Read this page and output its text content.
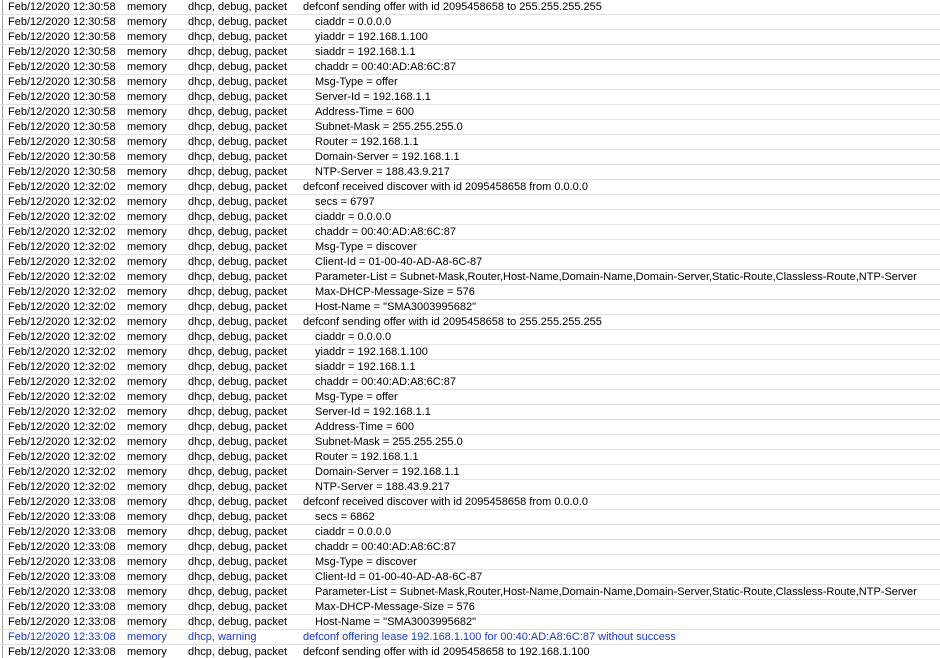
Feb/12/2020 12:30:58 memory dhcp, debug, packet defconf sending offer with id 2095458658 to 255.255.255.255
Feb/12/2020 12:30:58 memory dhcp, debug, packet	ciaddr = 0.0.0.0
Feb/12/2020 12:30:58 memory dhcp, debug, packet	yiaddr = 192.168.1.100
Feb/12/2020 12:30:58 memory dhcp, debug, packet	siaddr = 192.168.1.1
Feb/12/2020 12:30:58 memory dhcp, debug, packet	chaddr = 00:40:AD:A8:6C:87
Feb/12/2020 12:30:58 memory dhcp, debug, packet	Msg-Type = offer
Feb/12/2020 12:30:58 memory dhcp, debug, packet	Server-Id = 192.168.1.1
Feb/12/2020 12:30:58 memory dhcp, debug, packet	Address-Time = 600
Feb/12/2020 12:30:58 memory dhcp, debug, packet	Subnet-Mask = 255.255.255.0
Feb/12/2020 12:30:58 memory dhcp, debug, packet	Router = 192.168.1.1
Feb/12/2020 12:30:58 memory dhcp, debug, packet	Domain-Server = 192.168.1.1
Feb/12/2020 12:30:58 memory dhcp, debug, packet	NTP-Server = 188.43.9.217
Feb/12/2020 12:32:02 memory dhcp, debug, packet defconf received discover with id 2095458658 from 0.0.0.0
Feb/12/2020 12:32:02 memory dhcp, debug, packet	secs = 6797
Feb/12/2020 12:32:02 memory dhcp, debug, packet	ciaddr = 0.0.0.0
Feb/12/2020 12:32:02 memory dhcp, debug, packet	chaddr = 00:40:AD:A8:6C:87
Feb/12/2020 12:32:02 memory dhcp, debug, packet	Msg-Type = discover
Feb/12/2020 12:32:02 memory dhcp, debug, packet	Client-Id = 01-00-40-AD-A8-6C-87
Feb/12/2020 12:32:02 memory dhcp, debug, packet	Parameter-List = Subnet-Mask,Router,Host-Name,Domain-Name,Domain-Server,Static-Route,Classless-Route,NTP-Server
Feb/12/2020 12:32:02 memory dhcp, debug, packet	Max-DHCP-Message-Size = 576
Feb/12/2020 12:32:02 memory dhcp, debug, packet	Host-Name = "SMA3003995682"
Feb/12/2020 12:32:02 memory dhcp, debug, packet defconf sending offer with id 2095458658 to 255.255.255.255
Feb/12/2020 12:32:02 memory dhcp, debug, packet	ciaddr = 0.0.0.0
Feb/12/2020 12:32:02 memory dhcp, debug, packet	yiaddr = 192.168.1.100
Feb/12/2020 12:32:02 memory dhcp, debug, packet	siaddr = 192.168.1.1
Feb/12/2020 12:32:02 memory dhcp, debug, packet	chaddr = 00:40:AD:A8:6C:87
Feb/12/2020 12:32:02 memory dhcp, debug, packet	Msg-Type = offer
Feb/12/2020 12:32:02 memory dhcp, debug, packet	Server-Id = 192.168.1.1
Feb/12/2020 12:32:02 memory dhcp, debug, packet	Address-Time = 600
Feb/12/2020 12:32:02 memory dhcp, debug, packet	Subnet-Mask = 255.255.255.0
Feb/12/2020 12:32:02 memory dhcp, debug, packet	Router = 192.168.1.1
Feb/12/2020 12:32:02 memory dhcp, debug, packet	Domain-Server = 192.168.1.1
Feb/12/2020 12:32:02 memory dhcp, debug, packet	NTP-Server = 188.43.9.217
Feb/12/2020 12:33:08 memory dhcp, debug, packet defconf received discover with id 2095458658 from 0.0.0.0
Feb/12/2020 12:33:08 memory dhcp, debug, packet	secs = 6862
Feb/12/2020 12:33:08 memory dhcp, debug, packet	ciaddr = 0.0.0.0
Feb/12/2020 12:33:08 memory dhcp, debug, packet	chaddr = 00:40:AD:A8:6C:87
Feb/12/2020 12:33:08 memory dhcp, debug, packet	Msg-Type = discover
Feb/12/2020 12:33:08 memory dhcp, debug, packet	Client-Id = 01-00-40-AD-A8-6C-87
Feb/12/2020 12:33:08 memory dhcp, debug, packet	Parameter-List = Subnet-Mask,Router,Host-Name,Domain-Name,Domain-Server,Static-Route,Classless-Route,NTP-Server
Feb/12/2020 12:33:08 memory dhcp, debug, packet	Max-DHCP-Message-Size = 576
Feb/12/2020 12:33:08 memory dhcp, debug, packet	Host-Name = "SMA3003995682"
Feb/12/2020 12:33:08 memory dhcp, warning	defconf offering lease 192.168.1.100 for 00:40:AD:A8:6C:87 without success
Feb/12/2020 12:33:08 memory dhcp, debug, packet defconf sending offer with id 2095458658 to 192.168.1.100
